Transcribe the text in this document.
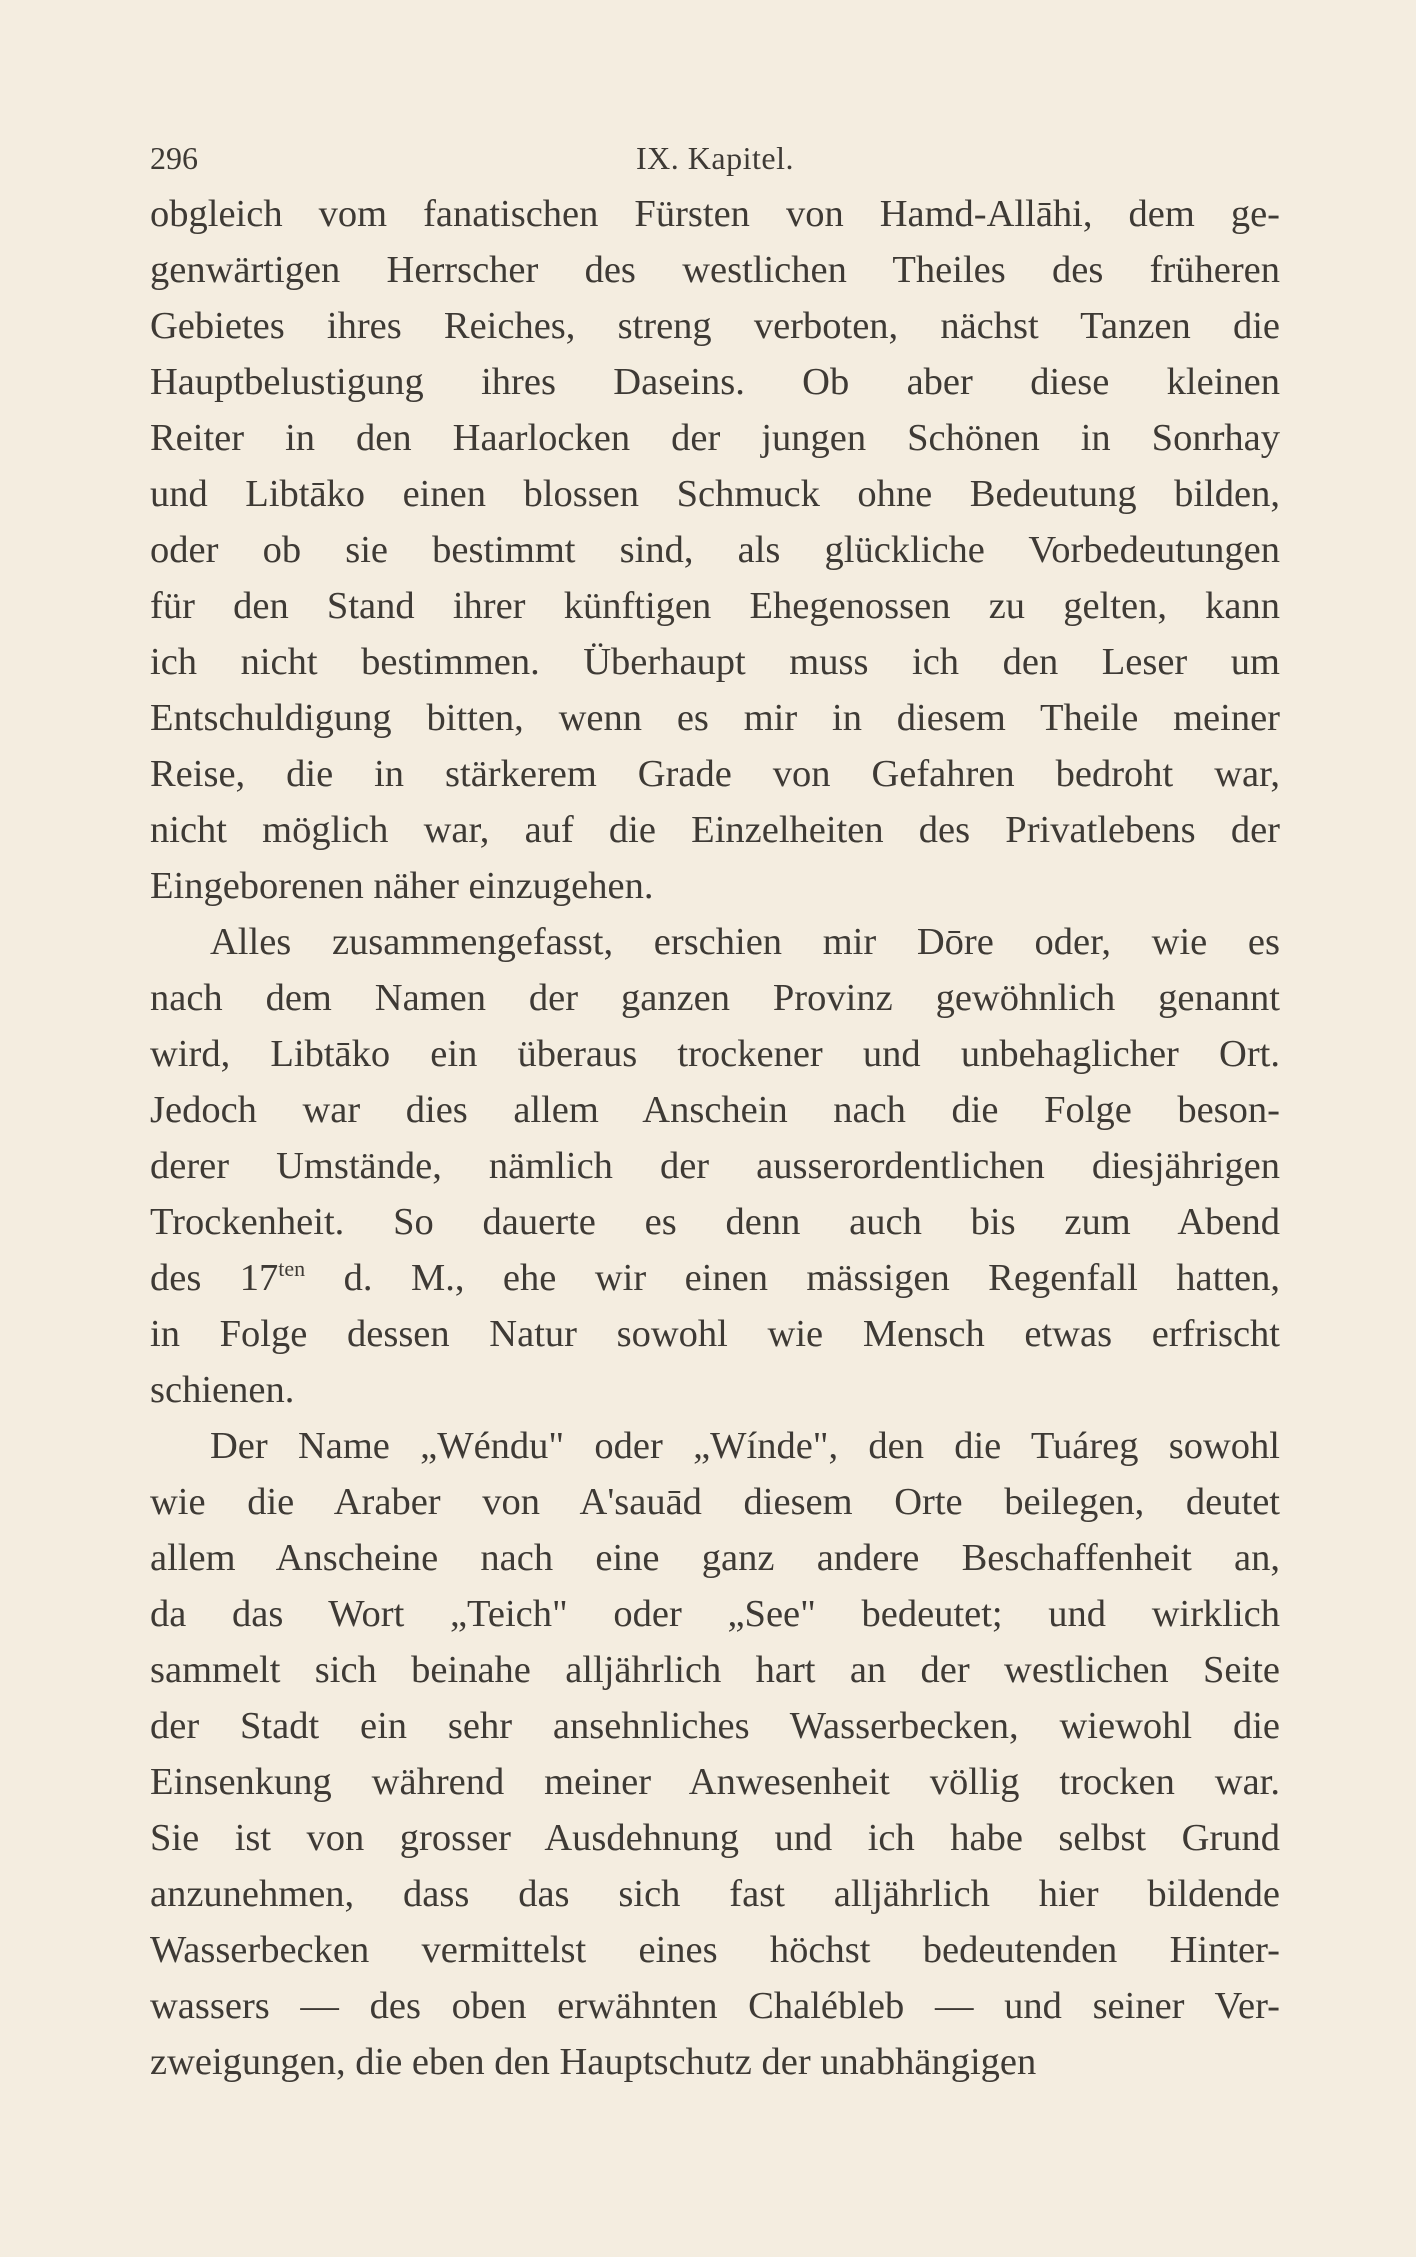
296	IX. Kapitel.
obgleich vom fanatischen Fürsten von Hamd-Allāhi, dem ge-
genwärtigen Herrscher des westlichen Theiles des früheren
Gebietes ihres Reiches, streng verboten, nächst Tanzen die
Hauptbelustigung ihres Daseins. Ob aber diese kleinen
Reiter in den Haarlocken der jungen Schönen in Sonrhay
und Libtāko einen blossen Schmuck ohne Bedeutung bilden,
oder ob sie bestimmt sind, als glückliche Vorbedeutungen
für den Stand ihrer künftigen Ehegenossen zu gelten, kann
ich nicht bestimmen. Überhaupt muss ich den Leser um
Entschuldigung bitten, wenn es mir in diesem Theile meiner
Reise, die in stärkerem Grade von Gefahren bedroht war,
nicht möglich war, auf die Einzelheiten des Privatlebens der
Eingeborenen näher einzugehen.
Alles zusammengefasst, erschien mir Dōre oder, wie es
nach dem Namen der ganzen Provinz gewöhnlich genannt
wird, Libtāko ein überaus trockener und unbehaglicher Ort.
Jedoch war dies allem Anschein nach die Folge beson-
derer Umstände, nämlich der ausserordentlichen diesjährigen
Trockenheit. So dauerte es denn auch bis zum Abend
des $17^{ten}$ d. M., ehe wir einen mässigen Regenfall hatten,
in Folge dessen Natur sowohl wie Mensch etwas erfrischt
schienen.
Der Name „Wéndu" oder „Wínde", den die Tuáreg sowohl
wie die Araber von A'sauād diesem Orte beilegen, deutet
allem Anscheine nach eine ganz andere Beschaffenheit an,
da das Wort „Teich" oder „See" bedeutet; und wirklich
sammelt sich beinahe alljährlich hart an der westlichen Seite
der Stadt ein sehr ansehnliches Wasserbecken, wiewohl die
Einsenkung während meiner Anwesenheit völlig trocken war.
Sie ist von grosser Ausdehnung und ich habe selbst Grund
anzunehmen, dass das sich fast alljährlich hier bildende
Wasserbecken vermittelst eines höchst bedeutenden Hinter-
wassers — des oben erwähnten Chalébleb — und seiner Ver-
zweigungen, die eben den Hauptschutz der unabhängigen
